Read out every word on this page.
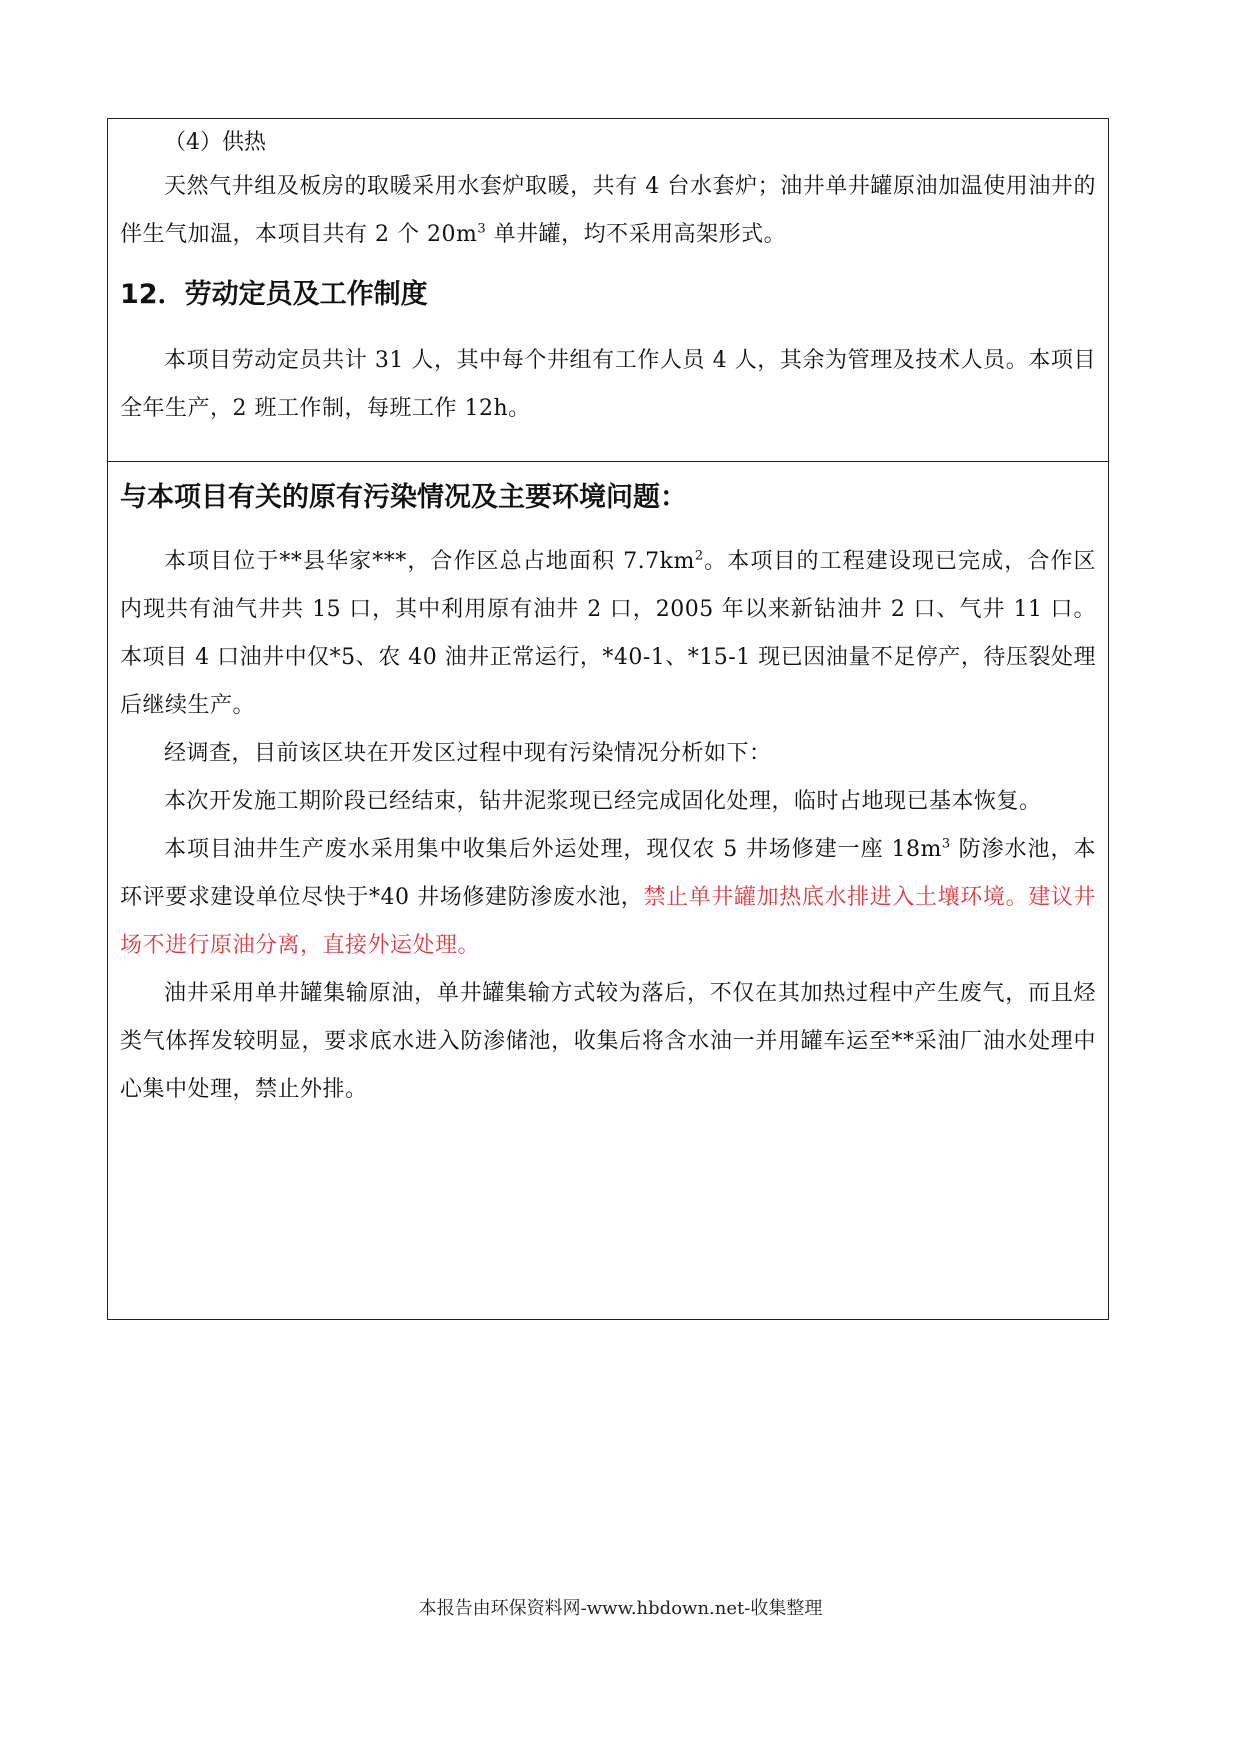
（4）供热

天然气井组及板房的取暖采用水套炉取暖，共有 4 台水套炉；油井单井罐原油加温使用油井的伴生气加温，本项目共有 2 个 $20m^3$ 单井罐，均不采用高架形式。

12．劳动定员及工作制度

本项目劳动定员共计 31 人，其中每个井组有工作人员 4 人，其余为管理及技术人员。本项目全年生产，2 班工作制，每班工作 12h。

与本项目有关的原有污染情况及主要环境问题：

本项目位于**县华家***，合作区总占地面积 $7.7km^2$。本项目的工程建设现已完成，合作区内现共有油气井共 15 口，其中利用原有油井 2 口，2005 年以来新钻油井 2 口、气井 11 口。本项目 4 口油井中仅*5、农 40 油井正常运行，*40-1、*15-1 现已因油量不足停产，待压裂处理后继续生产。

经调查，目前该区块在开发区过程中现有污染情况分析如下：

本次开发施工期阶段已经结束，钻井泥浆现已经完成固化处理，临时占地现已基本恢复。

本项目油井生产废水采用集中收集后外运处理，现仅农 5 井场修建一座 $18m^3$ 防渗水池，本环评要求建设单位尽快于*40 井场修建防渗废水池，禁止单井罐加热底水排进入土壤环境。建议井场不进行原油分离，直接外运处理。

油井采用单井罐集输原油，单井罐集输方式较为落后，不仅在其加热过程中产生废气，而且烃类气体挥发较明显，要求底水进入防渗储池，收集后将含水油一并用罐车运至**采油厂油水处理中心集中处理，禁止外排。

本报告由环保资料网-www.hbdown.net-收集整理
